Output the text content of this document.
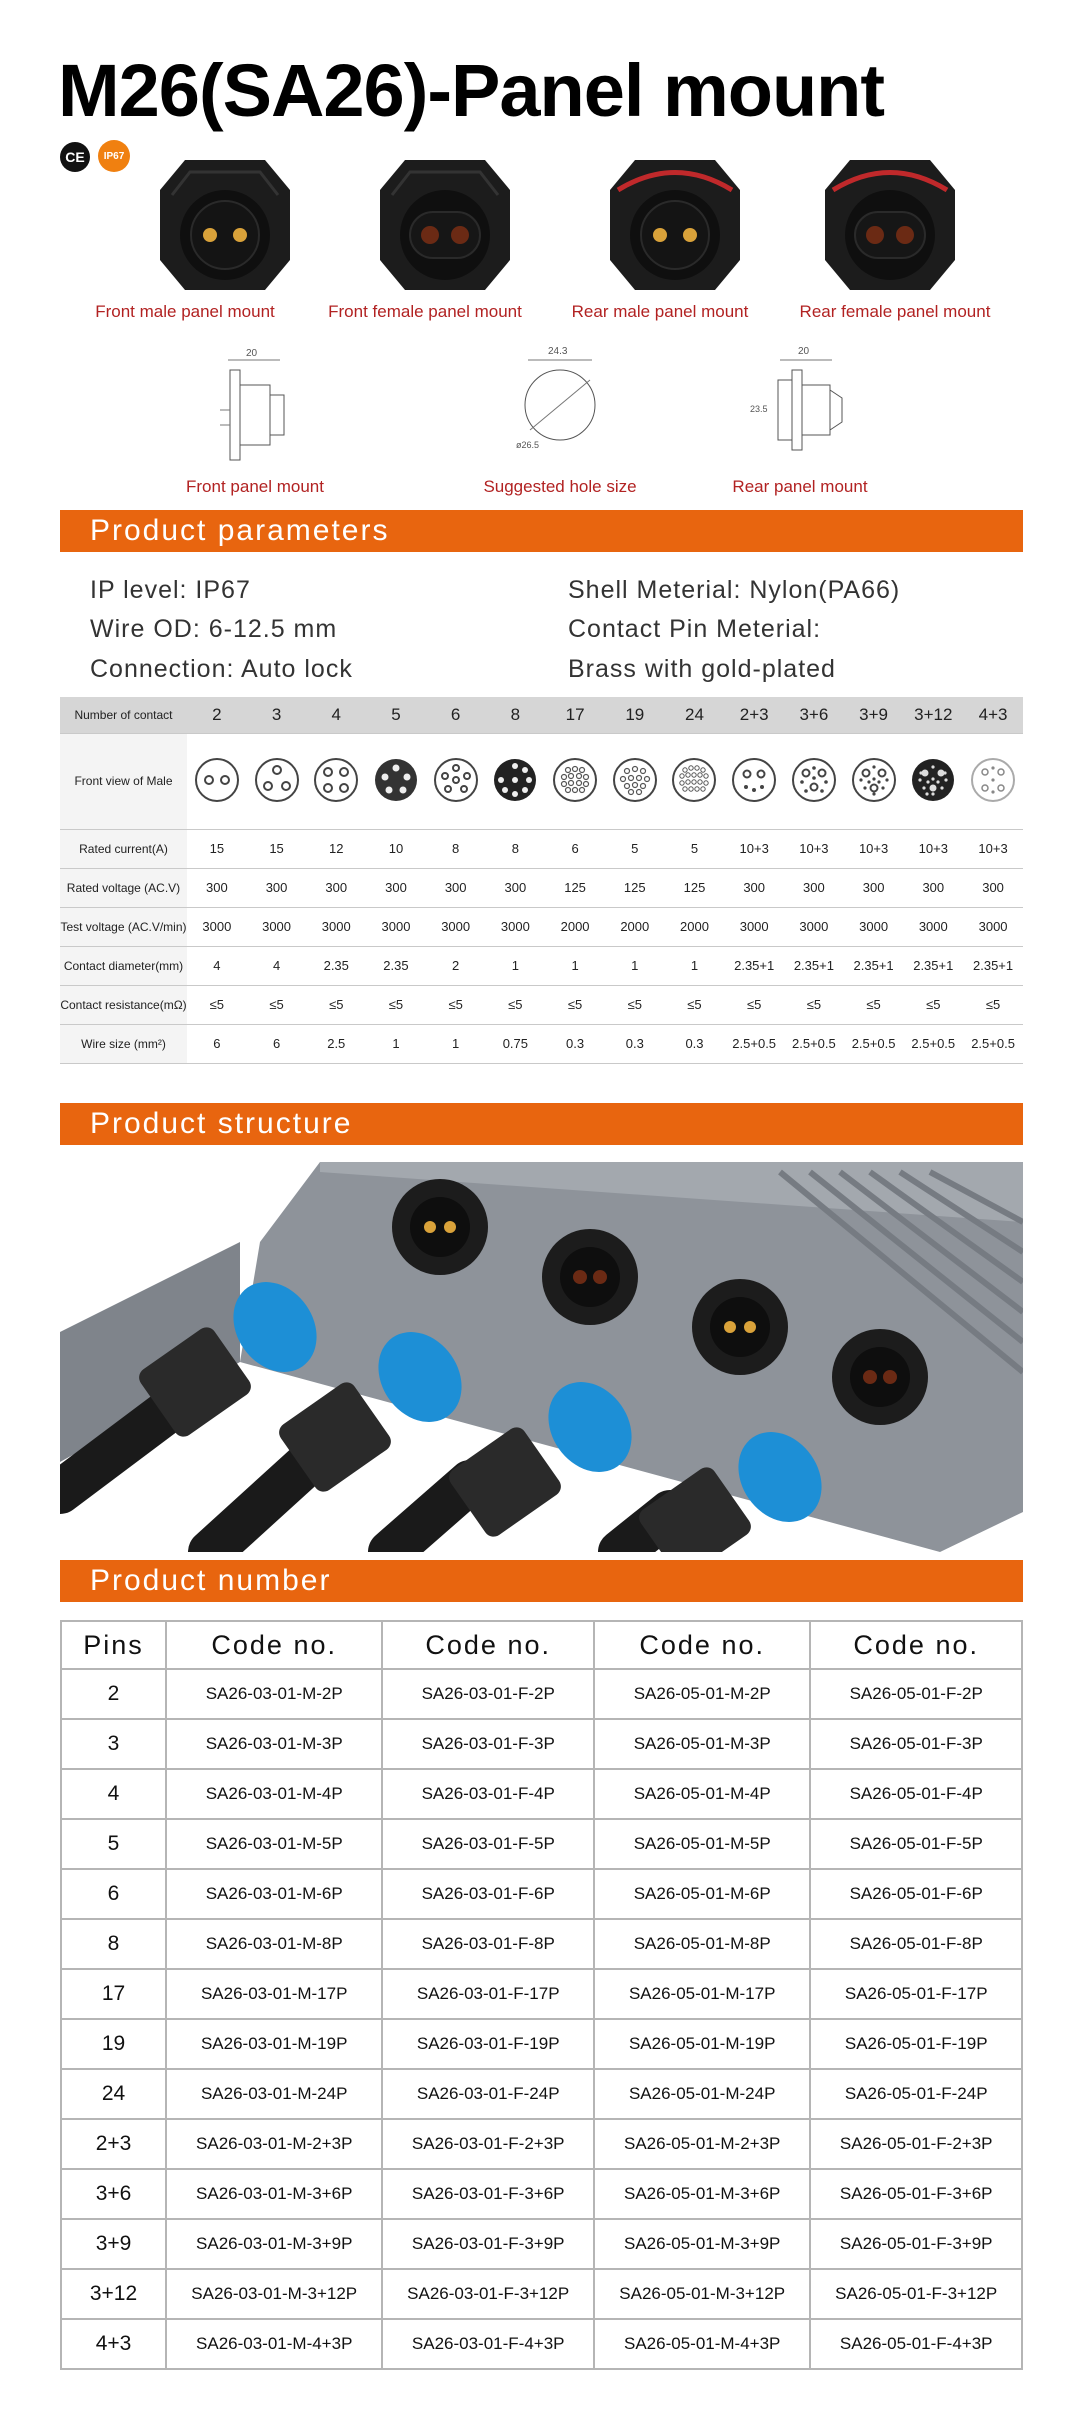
M26(SA26)-Panel mount
CE	IP67
Front male panel mount	Front female panel mount	Rear male panel mount	Rear female panel mount
20	24.3
ø26.5
20
23.5
Front panel mount	Suggested hole size	Rear panel mount
Product parameters
IP level: IP67
Wire OD: 6-12.5 mm
Connection: Auto lock
Shell Meterial: Nylon(PA66)
Contact Pin Meterial:
Brass with gold-plated
Number of contact	2	3	4	5	6	8	17	19	24	2+3	3+6	3+9	3+12	4+3
Front view of Male														
Rated current(A)	15	15	12	10	8	8	6	5	5	10+3	10+3	10+3	10+3	10+3
Rated voltage (AC.V)	300	300	300	300	300	300	125	125	125	300	300	300	300	300
Test voltage (AC.V/min)	3000	3000	3000	3000	3000	3000	2000	2000	2000	3000	3000	3000	3000	3000
Contact diameter(mm)	4	4	2.35	2.35	2	1	1	1	1	2.35+1	2.35+1	2.35+1	2.35+1	2.35+1
Contact resistance(mΩ)	≤5	≤5	≤5	≤5	≤5	≤5	≤5	≤5	≤5	≤5	≤5	≤5	≤5	≤5
Wire size (mm²)	6	6	2.5	1	1	0.75	0.3	0.3	0.3	2.5+0.5	2.5+0.5	2.5+0.5	2.5+0.5	2.5+0.5
Product structure
Product number
Pins	Code no.	Code no.	Code no.	Code no.
2	SA26-03-01-M-2P	SA26-03-01-F-2P	SA26-05-01-M-2P	SA26-05-01-F-2P
3	SA26-03-01-M-3P	SA26-03-01-F-3P	SA26-05-01-M-3P	SA26-05-01-F-3P
4	SA26-03-01-M-4P	SA26-03-01-F-4P	SA26-05-01-M-4P	SA26-05-01-F-4P
5	SA26-03-01-M-5P	SA26-03-01-F-5P	SA26-05-01-M-5P	SA26-05-01-F-5P
6	SA26-03-01-M-6P	SA26-03-01-F-6P	SA26-05-01-M-6P	SA26-05-01-F-6P
8	SA26-03-01-M-8P	SA26-03-01-F-8P	SA26-05-01-M-8P	SA26-05-01-F-8P
17	SA26-03-01-M-17P	SA26-03-01-F-17P	SA26-05-01-M-17P	SA26-05-01-F-17P
19	SA26-03-01-M-19P	SA26-03-01-F-19P	SA26-05-01-M-19P	SA26-05-01-F-19P
24	SA26-03-01-M-24P	SA26-03-01-F-24P	SA26-05-01-M-24P	SA26-05-01-F-24P
2+3	SA26-03-01-M-2+3P	SA26-03-01-F-2+3P	SA26-05-01-M-2+3P	SA26-05-01-F-2+3P
3+6	SA26-03-01-M-3+6P	SA26-03-01-F-3+6P	SA26-05-01-M-3+6P	SA26-05-01-F-3+6P
3+9	SA26-03-01-M-3+9P	SA26-03-01-F-3+9P	SA26-05-01-M-3+9P	SA26-05-01-F-3+9P
3+12	SA26-03-01-M-3+12P	SA26-03-01-F-3+12P	SA26-05-01-M-3+12P	SA26-05-01-F-3+12P
4+3	SA26-03-01-M-4+3P	SA26-03-01-F-4+3P	SA26-05-01-M-4+3P	SA26-05-01-F-4+3P
